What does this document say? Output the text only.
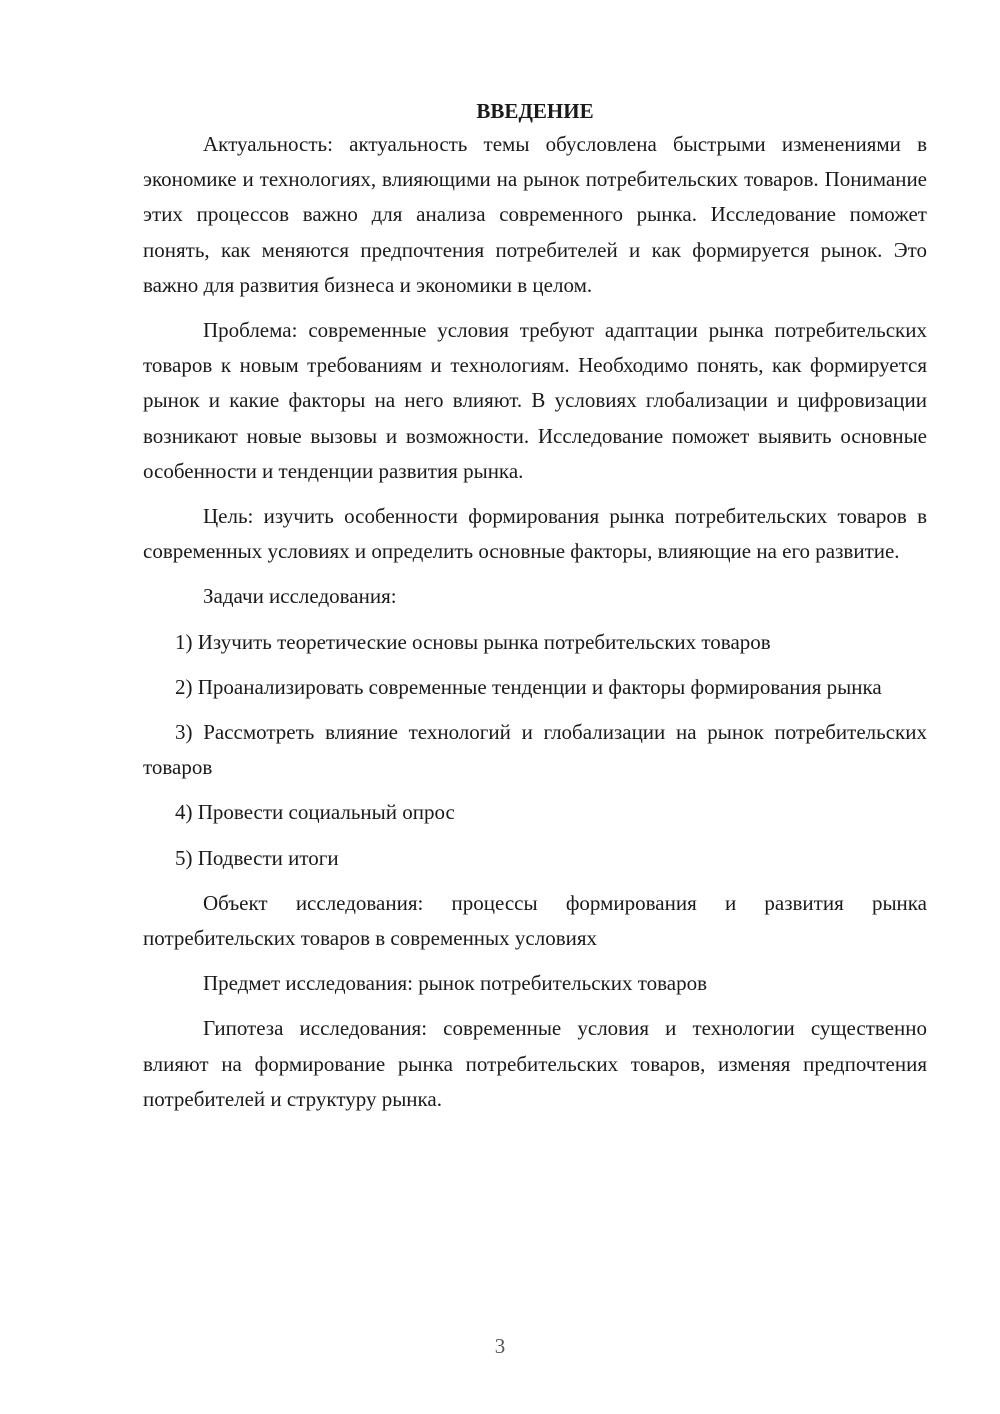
ВВЕДЕНИЕ

Актуальность: актуальность темы обусловлена быстрыми изменениями в экономике и технологиях, влияющими на рынок потребительских товаров. Понимание этих процессов важно для анализа современного рынка. Исследование поможет понять, как меняются предпочтения потребителей и как формируется рынок. Это важно для развития бизнеса и экономики в целом.

Проблема: современные условия требуют адаптации рынка потребительских товаров к новым требованиям и технологиям. Необходимо понять, как формируется рынок и какие факторы на него влияют. В условиях глобализации и цифровизации возникают новые вызовы и возможности. Исследование поможет выявить основные особенности и тенденции развития рынка.

Цель: изучить особенности формирования рынка потребительских товаров в современных условиях и определить основные факторы, влияющие на его развитие.

Задачи исследования:

1) Изучить теоретические основы рынка потребительских товаров

2) Проанализировать современные тенденции и факторы формирования рынка

3) Рассмотреть влияние технологий и глобализации на рынок потребительских товаров

4) Провести социальный опрос

5) Подвести итоги

Объект исследования: процессы формирования и развития рынка потребительских товаров в современных условиях

Предмет исследования: рынок потребительских товаров

Гипотеза исследования: современные условия и технологии существенно влияют на формирование рынка потребительских товаров, изменяя предпочтения потребителей и структуру рынка.

3
